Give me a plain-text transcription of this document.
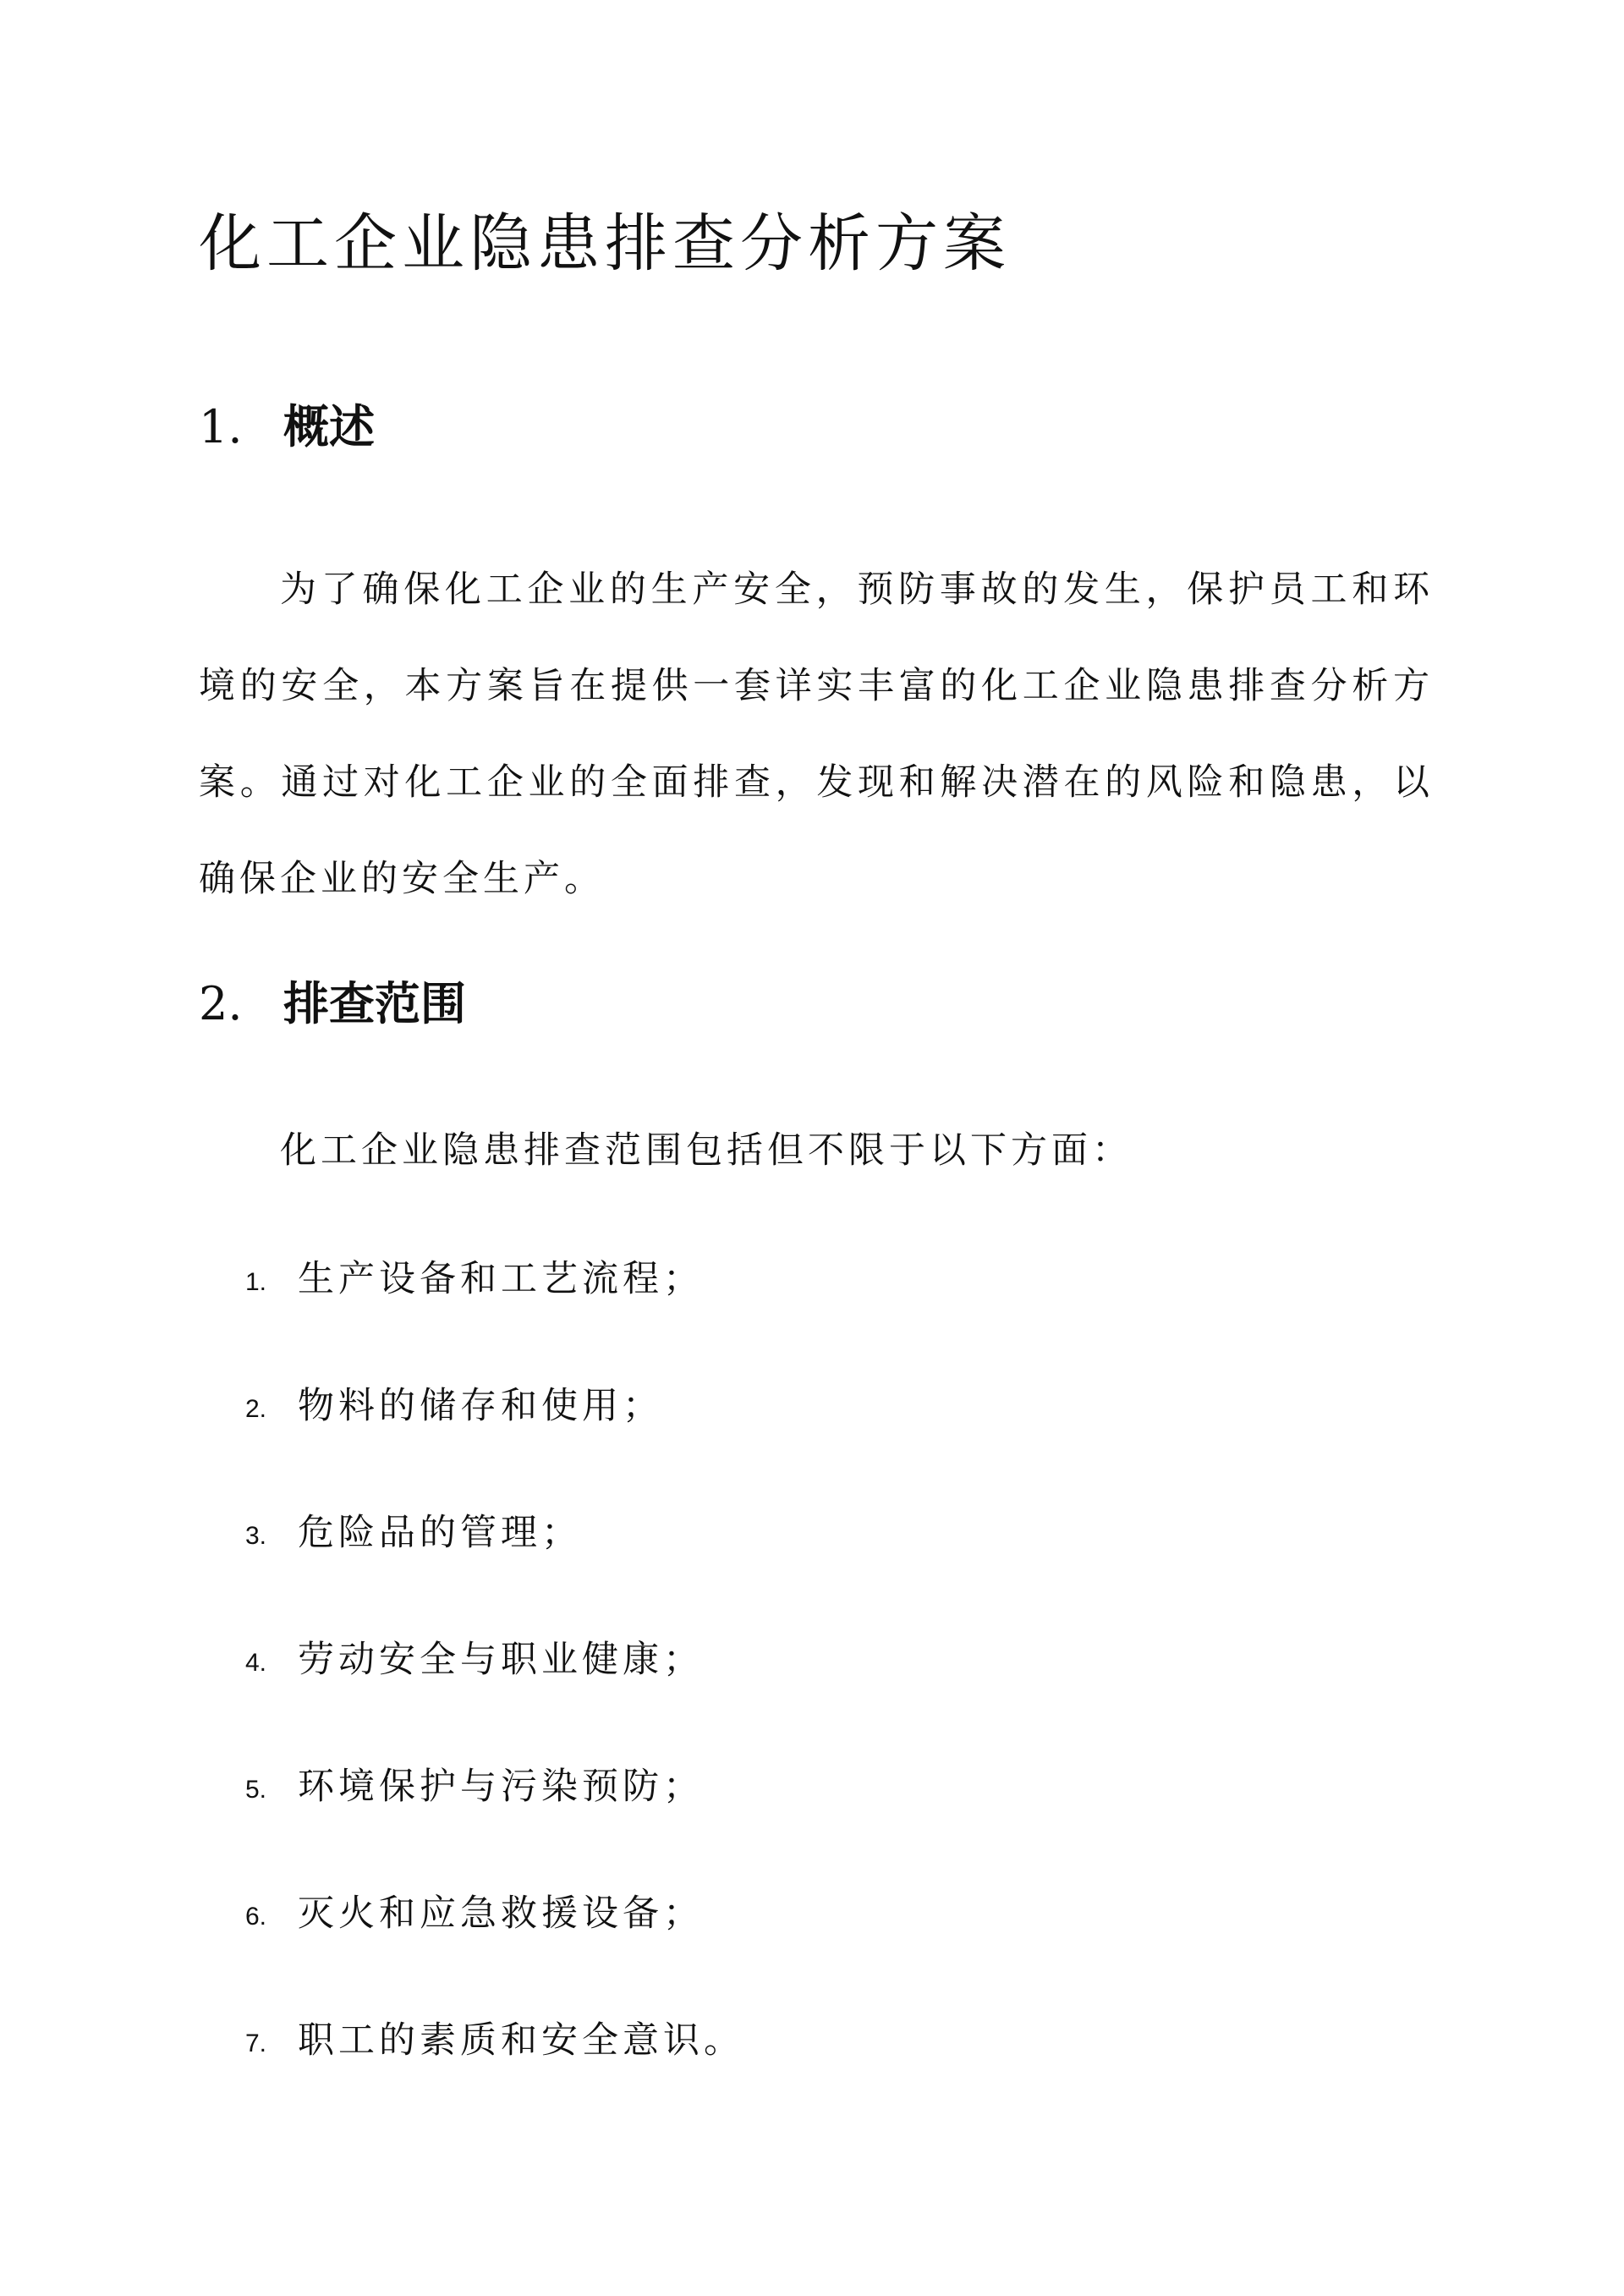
化工企业隐患排查分析方案
1. 概述

为了确保化工企业的生产安全，预防事故的发生，保护员工和环境的安全，本方案旨在提供一套详实丰富的化工企业隐患排查分析方案。通过对化工企业的全面排查，发现和解决潜在的风险和隐患，以确保企业的安全生产。

2. 排查范围

化工企业隐患排查范围包括但不限于以下方面：

1. 生产设备和工艺流程；
2. 物料的储存和使用；
3. 危险品的管理；
4. 劳动安全与职业健康；
5. 环境保护与污染预防；
6. 灭火和应急救援设备；
7. 职工的素质和安全意识。
